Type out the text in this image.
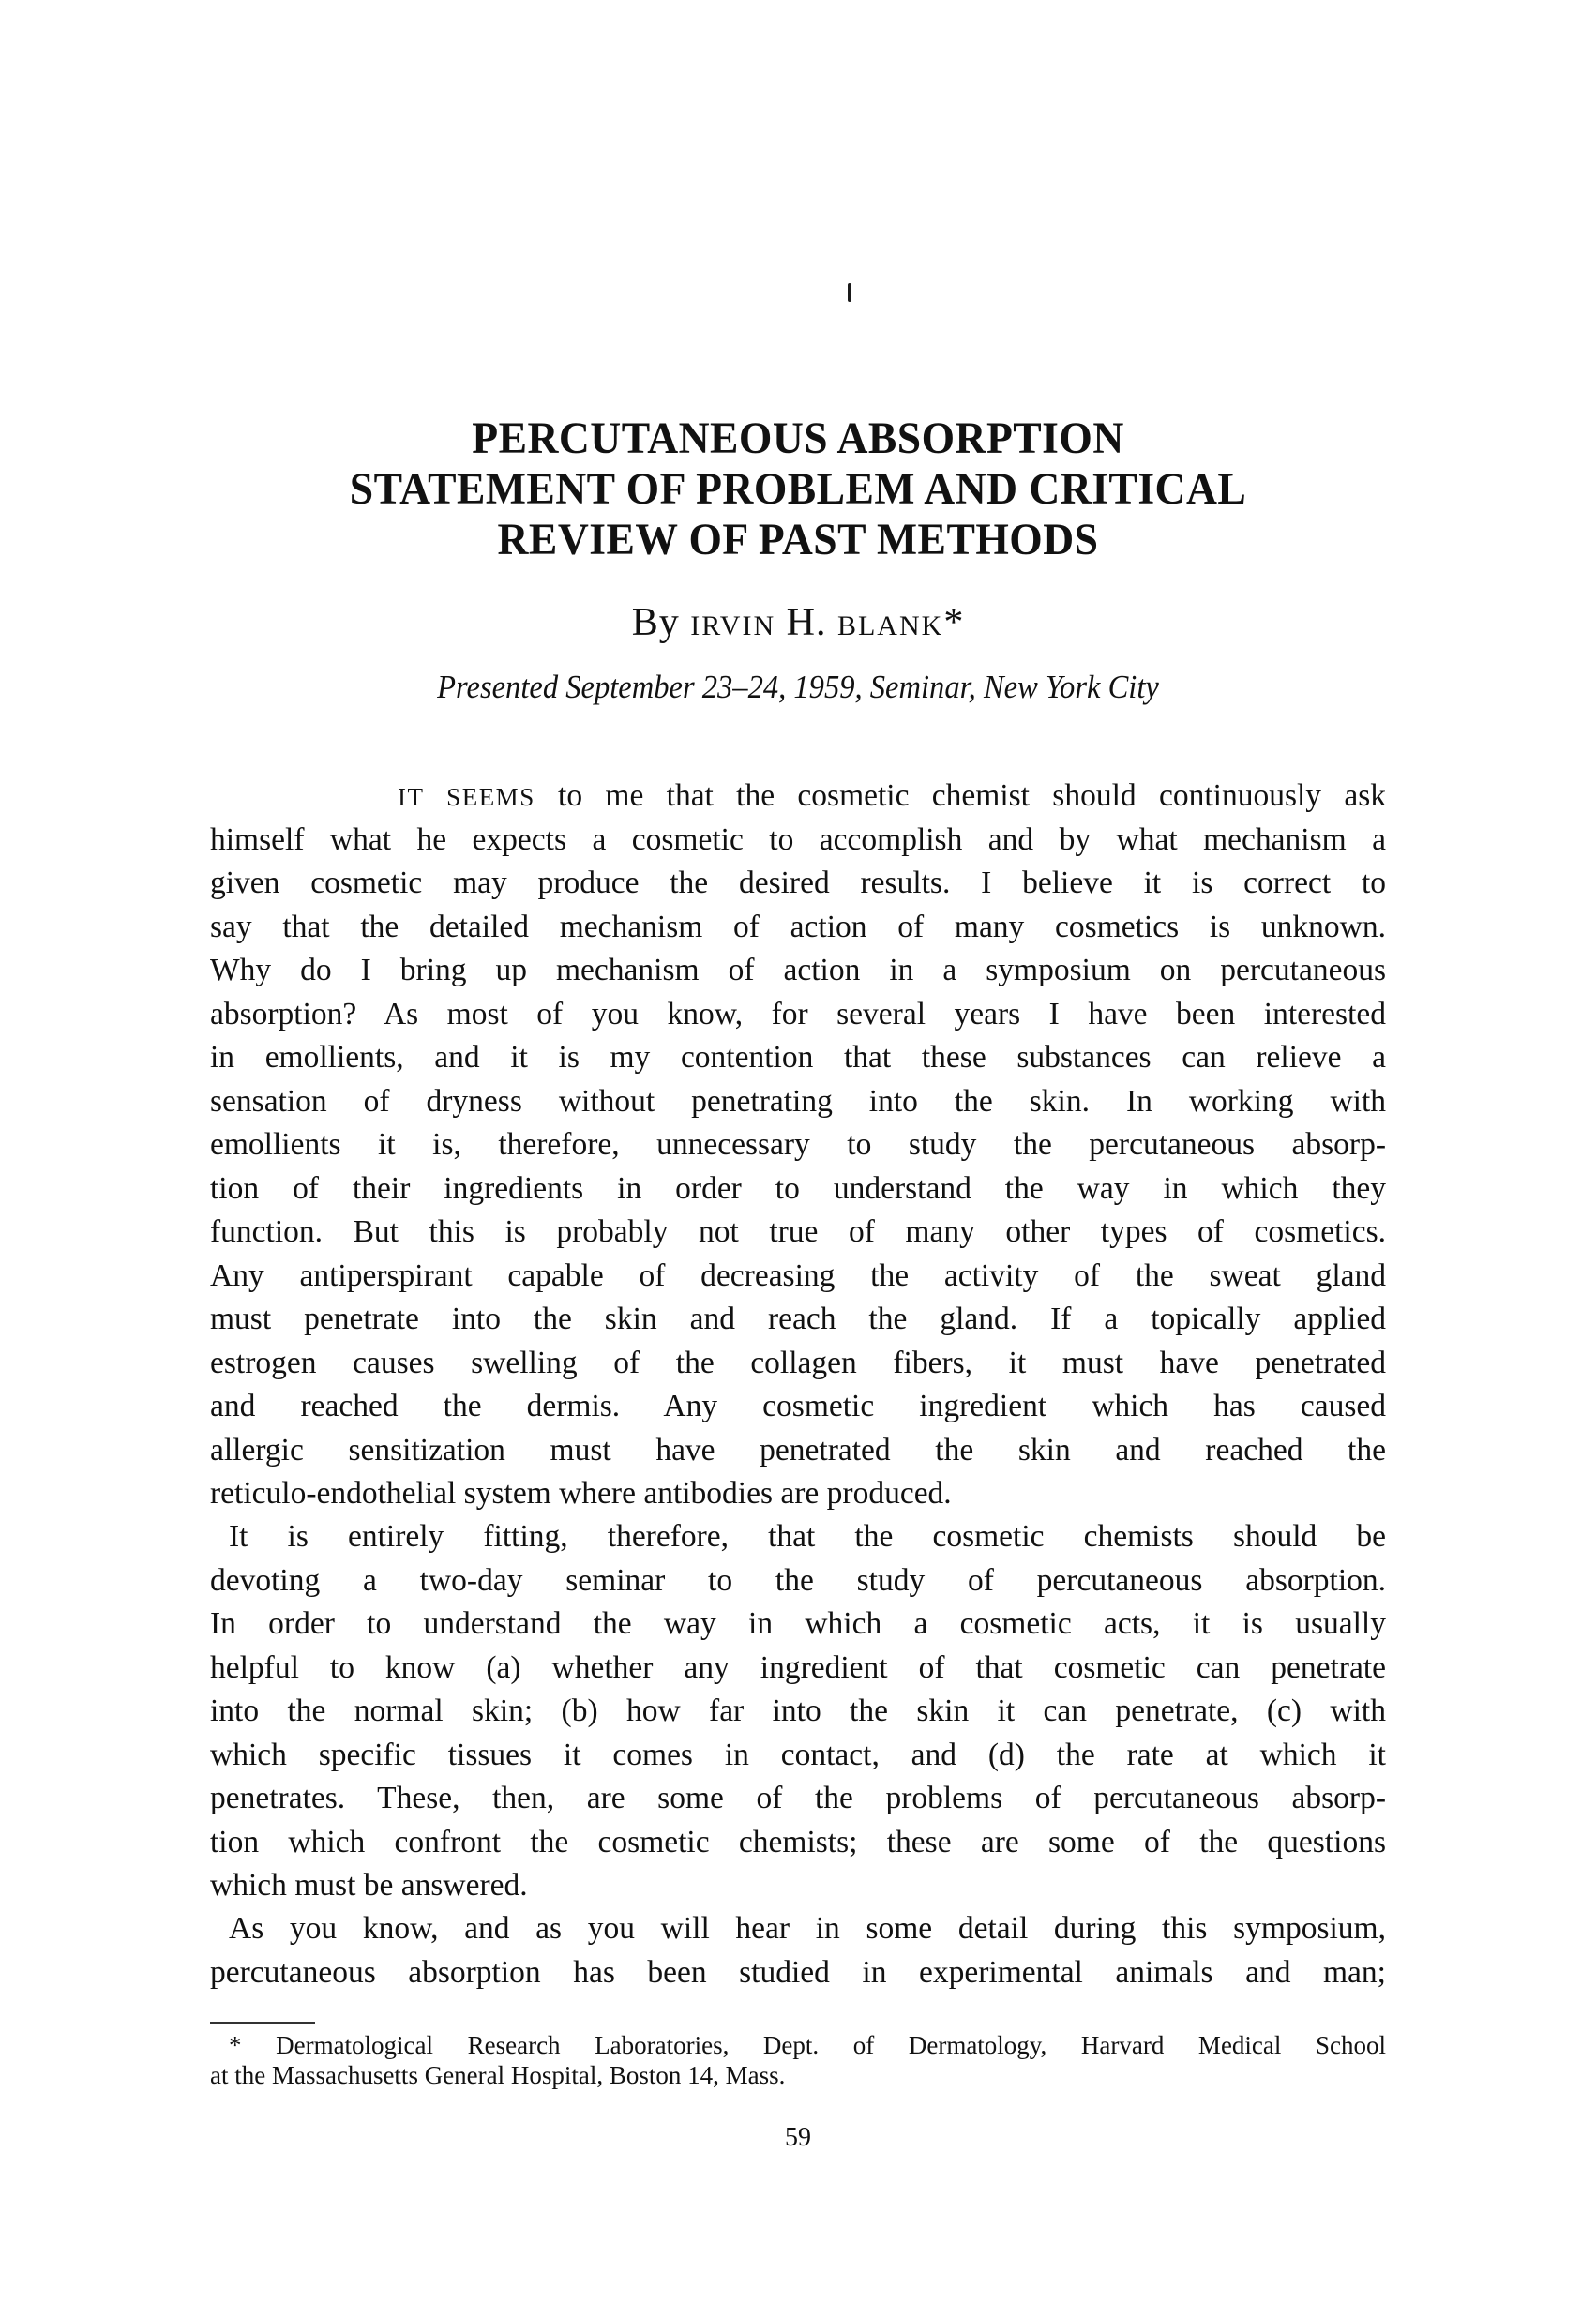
PERCUTANEOUS ABSORPTION
STATEMENT OF PROBLEM AND CRITICAL
REVIEW OF PAST METHODS
By IRVIN H. BLANK*
Presented September 23–24, 1959, Seminar, New York City
IT SEEMS to me that the cosmetic chemist should continuously ask
himself what he expects a cosmetic to accomplish and by what mechanism a
given cosmetic may produce the desired results. I believe it is correct to
say that the detailed mechanism of action of many cosmetics is unknown.
Why do I bring up mechanism of action in a symposium on percutaneous
absorption? As most of you know, for several years I have been interested
in emollients, and it is my contention that these substances can relieve a
sensation of dryness without penetrating into the skin. In working with
emollients it is, therefore, unnecessary to study the percutaneous absorp-
tion of their ingredients in order to understand the way in which they
function. But this is probably not true of many other types of cosmetics.
Any antiperspirant capable of decreasing the activity of the sweat gland
must penetrate into the skin and reach the gland. If a topically applied
estrogen causes swelling of the collagen fibers, it must have penetrated
and reached the dermis. Any cosmetic ingredient which has caused
allergic sensitization must have penetrated the skin and reached the
reticulo-endothelial system where antibodies are produced.
It is entirely fitting, therefore, that the cosmetic chemists should be
devoting a two-day seminar to the study of percutaneous absorption.
In order to understand the way in which a cosmetic acts, it is usually
helpful to know (a) whether any ingredient of that cosmetic can penetrate
into the normal skin; (b) how far into the skin it can penetrate, (c) with
which specific tissues it comes in contact, and (d) the rate at which it
penetrates. These, then, are some of the problems of percutaneous absorp-
tion which confront the cosmetic chemists; these are some of the questions
which must be answered.
As you know, and as you will hear in some detail during this symposium,
percutaneous absorption has been studied in experimental animals and man;
* Dermatological Research Laboratories, Dept. of Dermatology, Harvard Medical School
at the Massachusetts General Hospital, Boston 14, Mass.
59
